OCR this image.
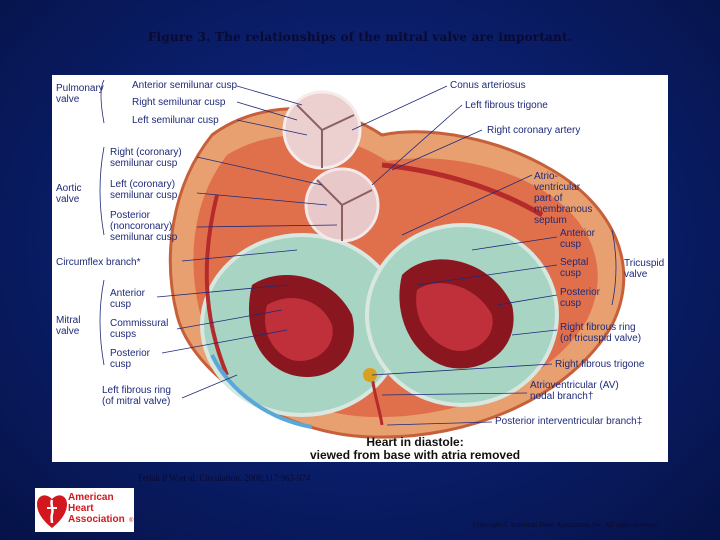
Figure 3. The relationships of the mitral valve are important.
Pulmonary
valve
Aortic
valve
Circumflex branch*
Mitral
valve
Anterior semilunar cusp
Right semilunar cusp
Left semilunar cusp
Right (coronary)
semilunar cusp
Left (coronary)
semilunar cusp
Posterior
(noncoronary)
semilunar cusp
Anterior
cusp
Commissural
cusps
Posterior
cusp
Left fibrous ring
(of mitral valve)
Conus arteriosus
Left fibrous trigone
Right coronary artery
Atrio-
ventricular
part of
membranous
septum
Anterior
cusp
Septal
cusp
Posterior
cusp
Tricuspid
valve
Right fibrous ring
(of tricuspid valve)
Right fibrous trigone
Atrioventricular (AV)
nodal branch†
Posterior interventricular branch‡
Heart in diastole:
viewed from base with atria removed
Fedak P W et al. Circulation. 2008;117:963-974
American
Heart
Association ®	Copyright © American Heart Association, Inc. All rights reserved.
